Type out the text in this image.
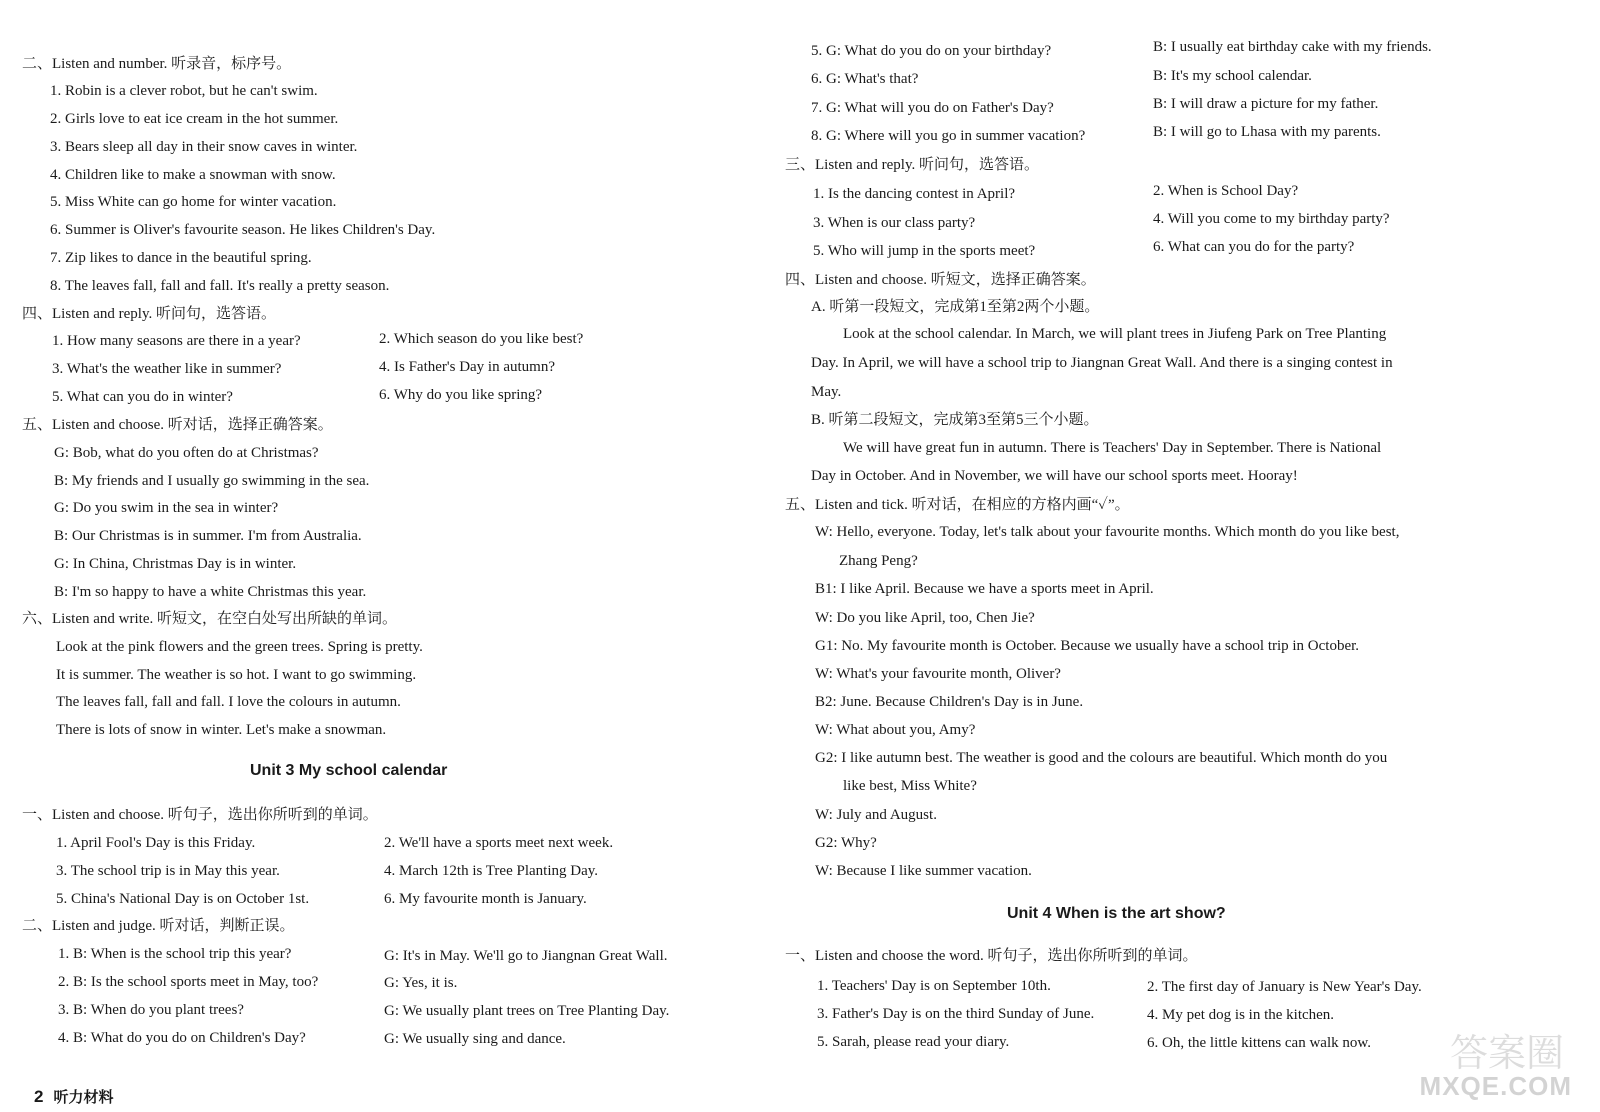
二、Listen and number. 听录音，标序号。
1. Robin is a clever robot, but he can't swim.
2. Girls love to eat ice cream in the hot summer.
3. Bears sleep all day in their snow caves in winter.
4. Children like to make a snowman with snow.
5. Miss White can go home for winter vacation.
6. Summer is Oliver's favourite season. He likes Children's Day.
7. Zip likes to dance in the beautiful spring.
8. The leaves fall, fall and fall. It's really a pretty season.
四、Listen and reply. 听问句，选答语。
1. How many seasons are there in a year?	2. Which season do you like best?
3. What's the weather like in summer?	4. Is Father's Day in autumn?
5. What can you do in winter?	6. Why do you like spring?
五、Listen and choose. 听对话，选择正确答案。
G: Bob, what do you often do at Christmas?
B: My friends and I usually go swimming in the sea.
G: Do you swim in the sea in winter?
B: Our Christmas is in summer. I'm from Australia.
G: In China, Christmas Day is in winter.
B: I'm so happy to have a white Christmas this year.
六、Listen and write. 听短文，在空白处写出所缺的单词。
Look at the pink flowers and the green trees. Spring is pretty.
It is summer. The weather is so hot. I want to go swimming.
The leaves fall, fall and fall. I love the colours in autumn.
There is lots of snow in winter. Let's make a snowman.
Unit 3 My school calendar
一、Listen and choose. 听句子，选出你所听到的单词。
1. April Fool's Day is this Friday.	2. We'll have a sports meet next week.
3. The school trip is in May this year.	4. March 12th is Tree Planting Day.
5. China's National Day is on October 1st.	6. My favourite month is January.
二、Listen and judge. 听对话，判断正误。
1. B: When is the school trip this year?	G: It's in May. We'll go to Jiangnan Great Wall.
2. B: Is the school sports meet in May, too?	G: Yes, it is.
3. B: When do you plant trees?	G: We usually plant trees on Tree Planting Day.
4. B: What do you do on Children's Day?	G: We usually sing and dance.
2 听力材料
5. G: What do you do on your birthday?	B: I usually eat birthday cake with my friends.
6. G: What's that?	B: It's my school calendar.
7. G: What will you do on Father's Day?	B: I will draw a picture for my father.
8. G: Where will you go in summer vacation?	B: I will go to Lhasa with my parents.
三、Listen and reply. 听问句，选答语。
1. Is the dancing contest in April?	2. When is School Day?
3. When is our class party?	4. Will you come to my birthday party?
5. Who will jump in the sports meet?	6. What can you do for the party?
四、Listen and choose. 听短文，选择正确答案。
A. 听第一段短文，完成第1至第2两个小题。
Look at the school calendar. In March, we will plant trees in Jiufeng Park on Tree Planting
Day. In April, we will have a school trip to Jiangnan Great Wall. And there is a singing contest in
May.
B. 听第二段短文，完成第3至第5三个小题。
We will have great fun in autumn. There is Teachers' Day in September. There is National
Day in October. And in November, we will have our school sports meet. Hooray!
五、Listen and tick. 听对话，在相应的方格内画“✓”。
W: Hello, everyone. Today, let's talk about your favourite months. Which month do you like best,
Zhang Peng?
B1: I like April. Because we have a sports meet in April.
W: Do you like April, too, Chen Jie?
G1: No. My favourite month is October. Because we usually have a school trip in October.
W: What's your favourite month, Oliver?
B2: June. Because Children's Day is in June.
W: What about you, Amy?
G2: I like autumn best. The weather is good and the colours are beautiful. Which month do you
like best, Miss White?
W: July and August.
G2: Why?
W: Because I like summer vacation.
Unit 4 When is the art show?
一、Listen and choose the word. 听句子，选出你所听到的单词。
1. Teachers' Day is on September 10th.	2. The first day of January is New Year's Day.
3. Father's Day is on the third Sunday of June.	4. My pet dog is in the kitchen.
5. Sarah, please read your diary.	6. Oh, the little kittens can walk now. 答案圈
MXQE.COM
